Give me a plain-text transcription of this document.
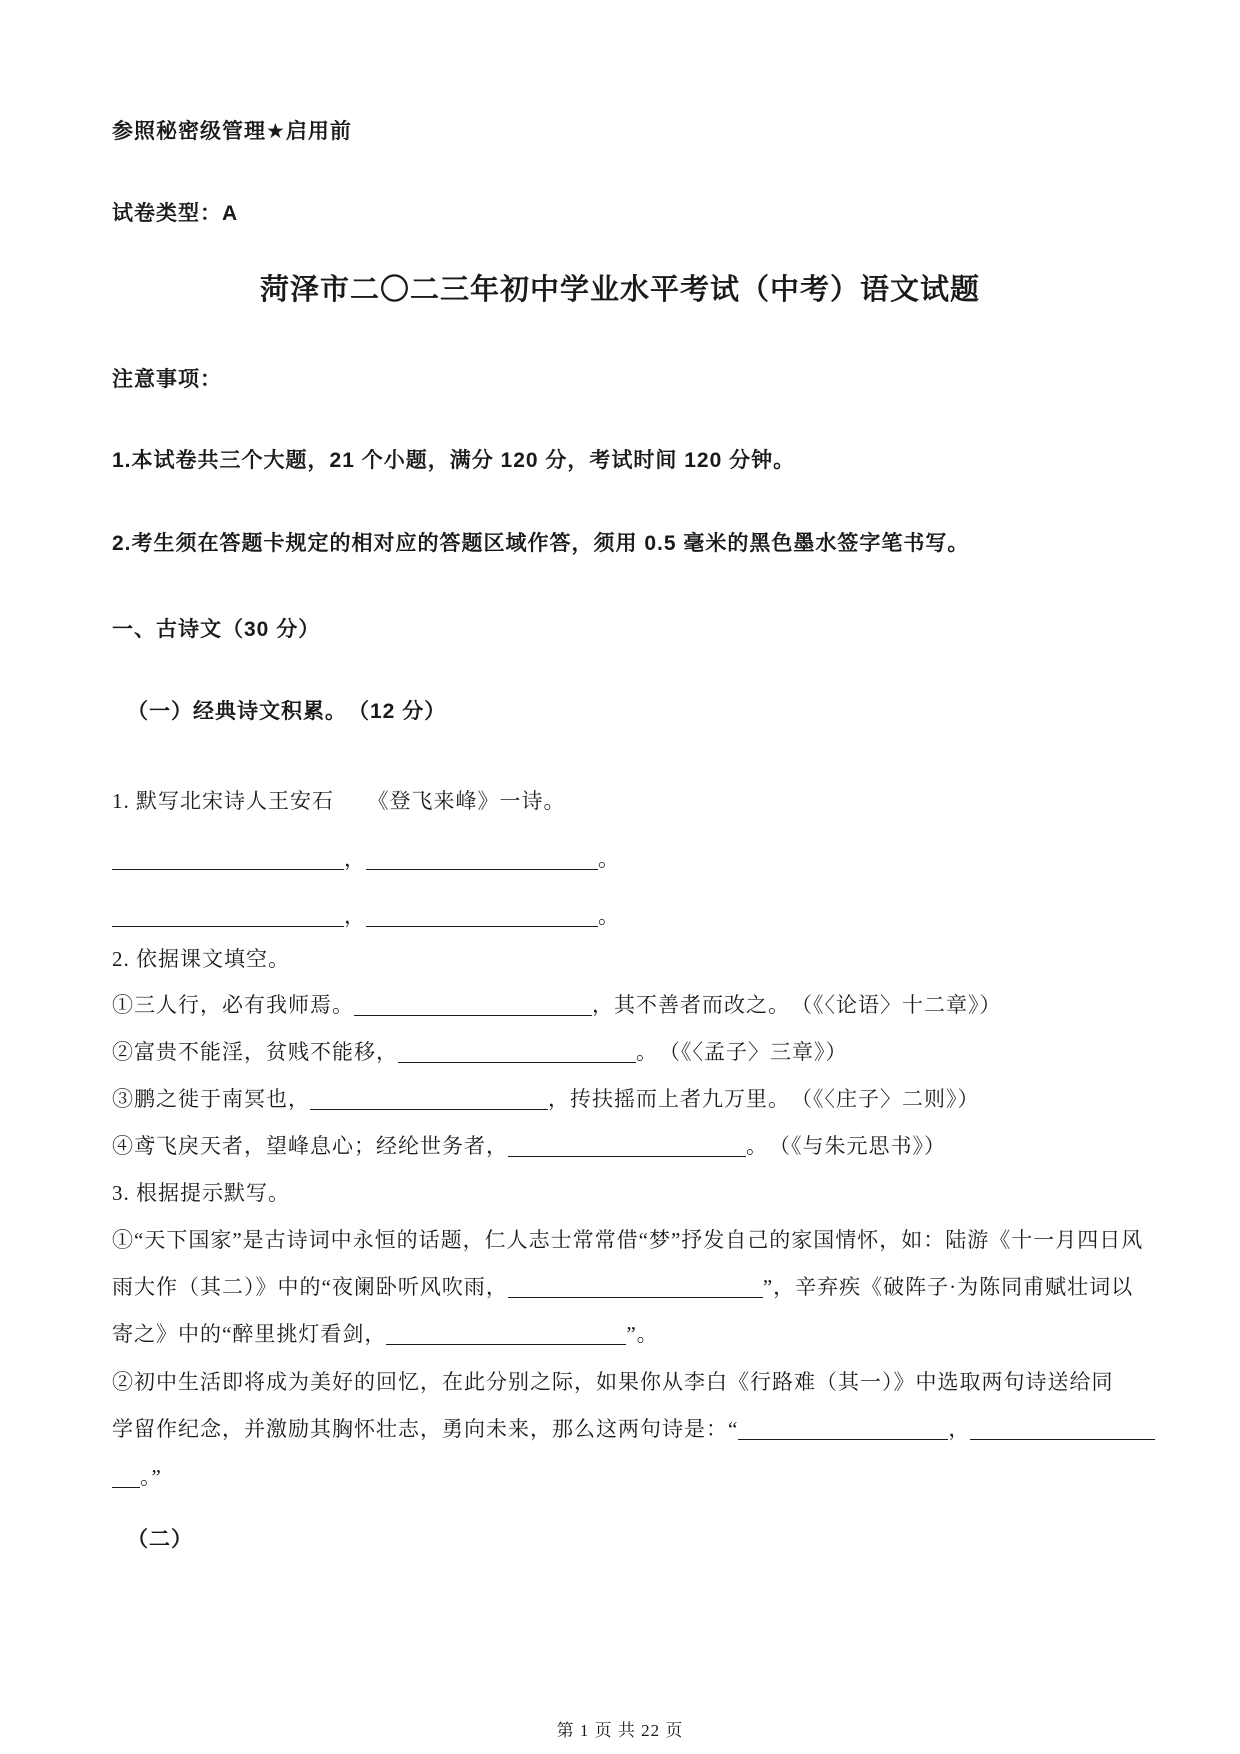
参照秘密级管理★启用前
试卷类型：A
菏泽市二〇二三年初中学业水平考试（中考）语文试题
注意事项：
1.本试卷共三个大题，21 个小题，满分 120 分，考试时间 120 分钟。
2.考生须在答题卡规定的相对应的答题区域作答，须用 0.5 毫米的黑色墨水签字笔书写。
一、古诗文（30 分）
（一）经典诗文积累。　（12 分）
1. 默写北宋诗人王安石　　《登飞来峰》一诗。
，	。
，	。
2. 依据课文填空。
①三人行，必有我师焉。	，其不善者而改之。　（《〈论语〉十二章》）
②富贵不能淫，贫贱不能移，	。　（《〈孟子〉三章》）
③鹏之徙于南冥也，	，抟扶摇而上者九万里。　（《〈庄子〉二则》）
④鸢飞戾天者，望峰息心；经纶世务者，	。　（《与朱元思书》）
3. 根据提示默写。
①“天下国家”是古诗词中永恒的话题，仁人志士常常借“梦”抒发自己的家国情怀，如：陆游《十一月四日风
雨大作（其二）》中的“夜阑卧听风吹雨，	”，辛弃疾《破阵子·为陈同甫赋壮词以
寄之》中的“醉里挑灯看剑，	”。
②初中生活即将成为美好的回忆，在此分别之际，如果你从李白《行路难（其一）》中选取两句诗送给同
学留作纪念，并激励其胸怀壮志，勇向未来，那么这两句诗是：“	，
。”
（二）
第 1 页 共 22 页
